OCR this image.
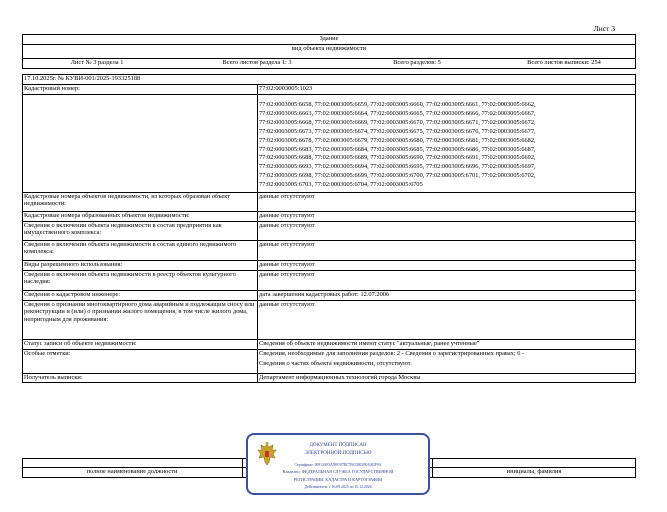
Лист 3
Здание
вид объекта недвижимости
Лист № 3 раздела 1	Всего листов раздела 1: 3	Всего разделов: 5	Всего листов выписки: 254
17.10.2025г. № КУВИ-001/2025-193325188
Кадастровый номер:	77:02:0003005:1023
77:02:0003005:6658, 77:02:0003005:6659, 77:02:0003005:6660, 77:02:0003005:6661, 77:02:0003005:6662,
77:02:0003005:6663, 77:02:0003005:6664, 77:02:0003005:6665, 77:02:0003005:6666, 77:02:0003005:6667,
77:02:0003005:6668, 77:02:0003005:6669, 77:02:0003005:6670, 77:02:0003005:6671, 77:02:0003005:6672,
77:02:0003005:6673, 77:02:0003005:6674, 77:02:0003005:6675, 77:02:0003005:6676, 77:02:0003005:6677,
77:02:0003005:6678, 77:02:0003005:6679, 77:02:0003005:6680, 77:02:0003005:6681, 77:02:0003005:6682,
77:02:0003005:6683, 77:02:0003005:6684, 77:02:0003005:6685, 77:02:0003005:6686, 77:02:0003005:6687,
77:02:0003005:6688, 77:02:0003005:6689, 77:02:0003005:6690, 77:02:0003005:6691, 77:02:0003005:6692,
77:02:0003005:6693, 77:02:0003005:6694, 77:02:0003005:6695, 77:02:0003005:6696, 77:02:0003005:6697,
77:02:0003005:6698, 77:02:0003005:6699, 77:02:0003005:6700, 77:02:0003005:6701, 77:02:0003005:6702,
77:02:0003005:6703, 77:02:0003005:6704, 77:02:0003005:6705
Кадастровые номера объектов недвижимости, из которых образован объект недвижимости:
данные отсутствуют
Кадастровые номера образованных объектов недвижимости:	данные отсутствуют
Сведения о включении объекта недвижимости в состав предприятия как имущественного комплекса:
данные отсутствуют
Сведения о включении объекта недвижимости в состав единого недвижимого комплекса:
данные отсутствуют
Виды разрешенного использования:	данные отсутствуют
Сведения о включении объекта недвижимости в реестр объектов культурного наследия:
данные отсутствуют
Сведения о кадастровом инженере:	дата завершения кадастровых работ: 12.07.2006
Сведения о признании многоквартирного дома аварийным и подлежащим сносу или реконструкции и (или) о признании жилого помещения, в том числе жилого дома, непригодным для проживания:
данные отсутствуют
Статус записи об объекте недвижимости:	Сведения об объекте недвижимости имеют статус "актуальные, ранее учтенные"
Особые отметки:	Сведения, необходимые для заполнения разделов: 2 - Сведения о зарегистрированных правах; 6 -
Сведения о частях объекта недвижимости, отсутствуют.
Получатель выписки:	Департамент информационных технологий города Москвы
полное наименование должности	инициалы, фамилия
ДОКУМЕНТ ПОДПИСАН
ЭЛЕКТРОННОЙ ПОДПИСЬЮ
Сертификат: 00914AF3A399507BC7E6539020EA002F9A
Владелец: ФЕДЕРАЛЬНАЯ СЛУЖБА ГОСУДАРСТВЕННОЙ
РЕГИСТРАЦИИ, КАДАСТРА И КАРТОГРАФИИ
Действителен: с 16.09.2025 по 10.12.2026
